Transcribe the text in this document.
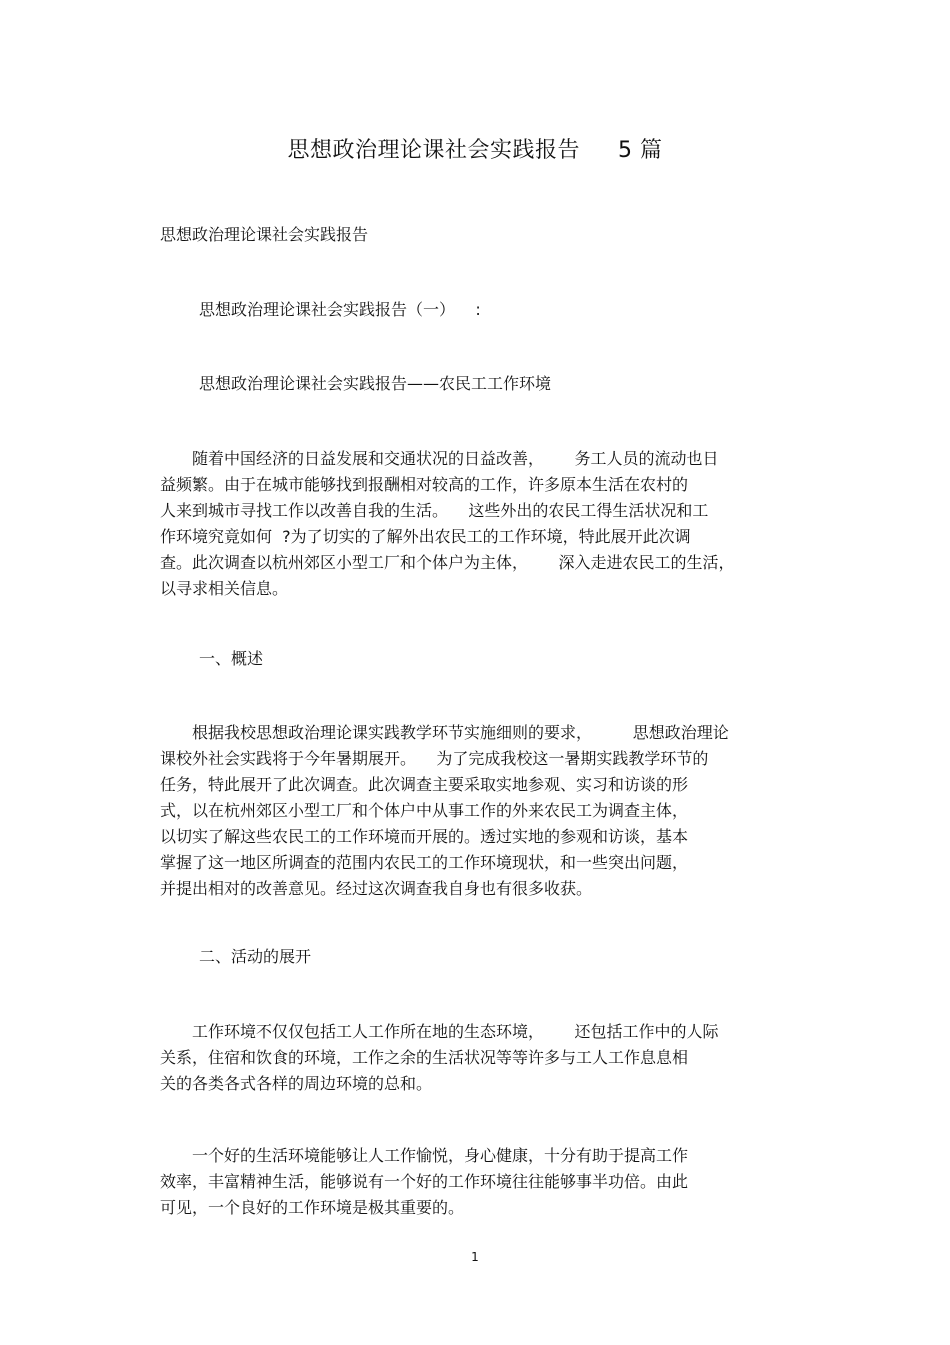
思想政治理论课社会实践报告 5 篇
思想政治理论课社会实践报告
思想政治理论课社会实践报告（一）    :
思想政治理论课社会实践报告——农民工工作环境
　　随着中国经济的日益发展和交通状况的日益改善，      务工人员的流动也日
益频繁。由于在城市能够找到报酬相对较高的工作，许多原本生活在农村的
人来到城市寻找工作以改善自我的生活。    这些外出的农民工得生活状况和工
作环境究竟如何  ?为了切实的了解外出农民工的工作环境，特此展开此次调
查。此次调查以杭州郊区小型工厂和个体户为主体，      深入走进农民工的生活，
以寻求相关信息。
一、概述
　　根据我校思想政治理论课实践教学环节实施细则的要求，        思想政治理论
课校外社会实践将于今年暑期展开。    为了完成我校这一暑期实践教学环节的
任务，特此展开了此次调查。此次调查主要采取实地参观、实习和访谈的形
式，以在杭州郊区小型工厂和个体户中从事工作的外来农民工为调查主体，
以切实了解这些农民工的工作环境而开展的。透过实地的参观和访谈，基本
掌握了这一地区所调查的范围内农民工的工作环境现状，和一些突出问题，
并提出相对的改善意见。经过这次调查我自身也有很多收获。
二、活动的展开
　　工作环境不仅仅包括工人工作所在地的生态环境，      还包括工作中的人际
关系，住宿和饮食的环境，工作之余的生活状况等等许多与工人工作息息相
关的各类各式各样的周边环境的总和。
　　一个好的生活环境能够让人工作愉悦，身心健康，十分有助于提高工作
效率，丰富精神生活，能够说有一个好的工作环境往往能够事半功倍。由此
可见，一个良好的工作环境是极其重要的。
1
